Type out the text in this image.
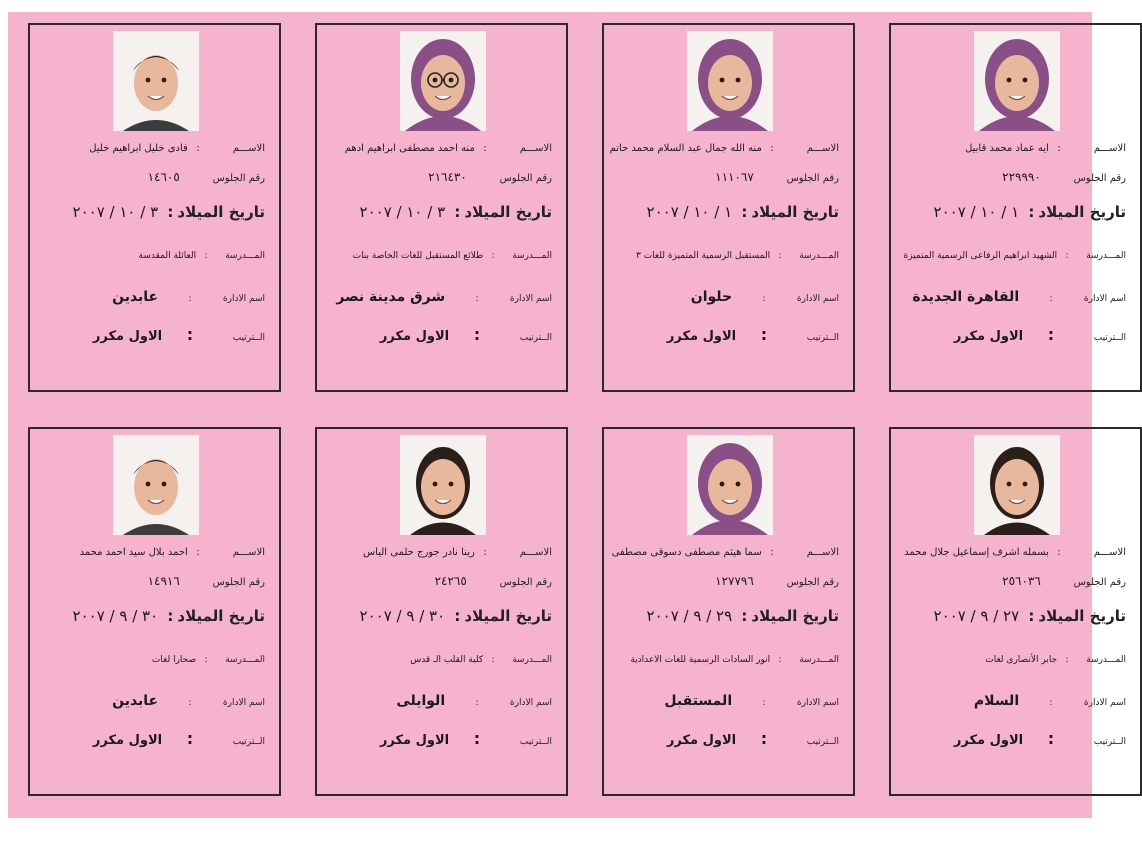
الاســـم: فادى خليل ابراهيم خليل
رقم الجلوس ١٤٦٠٥
تاريخ الميلاد: ٣ / ١٠ / ٢٠٠٧
المـــدرسة: العائلة المقدسة
اسم الادارة: عابدين
الــترتيب: الاول مكرر
الاســـم: منه احمد مصطفى ابراهيم ادهم
رقم الجلوس ٢١٦٤٣٠
تاريخ الميلاد: ٣ / ١٠ / ٢٠٠٧
المـــدرسة: طلائع المستقبل للغات الخاصة بنات
اسم الادارة: شرق مدينة نصر
الــترتيب: الاول مكرر
الاســـم: منه الله جمال عبد السلام محمد حاتم
رقم الجلوس ١١١٠٦٧
تاريخ الميلاد: ١ / ١٠ / ٢٠٠٧
المـــدرسة: المستقبل الرسمية المتميزة للغات ٣
اسم الادارة: حلوان
الــترتيب: الاول مكرر
الاســـم: ايه عماد محمد قابيل
رقم الجلوس ٢٢٩٩٩٠
تاريخ الميلاد: ١ / ١٠ / ٢٠٠٧
المـــدرسة: الشهيد ابراهيم الرفاعى الرسمية المتميزة
اسم الادارة: القاهرة الجديدة
الــترتيب: الاول مكرر
الاســـم: احمد بلال سيد احمد محمد
رقم الجلوس ١٤٩١٦
تاريخ الميلاد: ٣٠ / ٩ / ٢٠٠٧
المـــدرسة: صحارا لغات
اسم الادارة: عابدين
الــترتيب: الاول مكرر
الاســـم: رينا نادر جورج حلمى الياس
رقم الجلوس ٢٤٢٦٥
تاريخ الميلاد: ٣٠ / ٩ / ٢٠٠٧
المـــدرسة: كلية القلب الـ قدس
اسم الادارة: الوايلى
الــترتيب: الاول مكرر
الاســـم: سما هيثم مصطفى دسوقى مصطفى
رقم الجلوس ١٢٧٧٩٦
تاريخ الميلاد: ٢٩ / ٩ / ٢٠٠٧
المـــدرسة: انور السادات الرسمية للغات الاعدادية
اسم الادارة: المستقبل
الــترتيب: الاول مكرر
الاســـم: بسمله اشرف إسماعيل جلال محمد
رقم الجلوس ٢٥٦٠٣٦
تاريخ الميلاد: ٢٧ / ٩ / ٢٠٠٧
المـــدرسة: جابر الأنصارى لغات
اسم الادارة: السلام
الــترتيب: الاول مكرر
